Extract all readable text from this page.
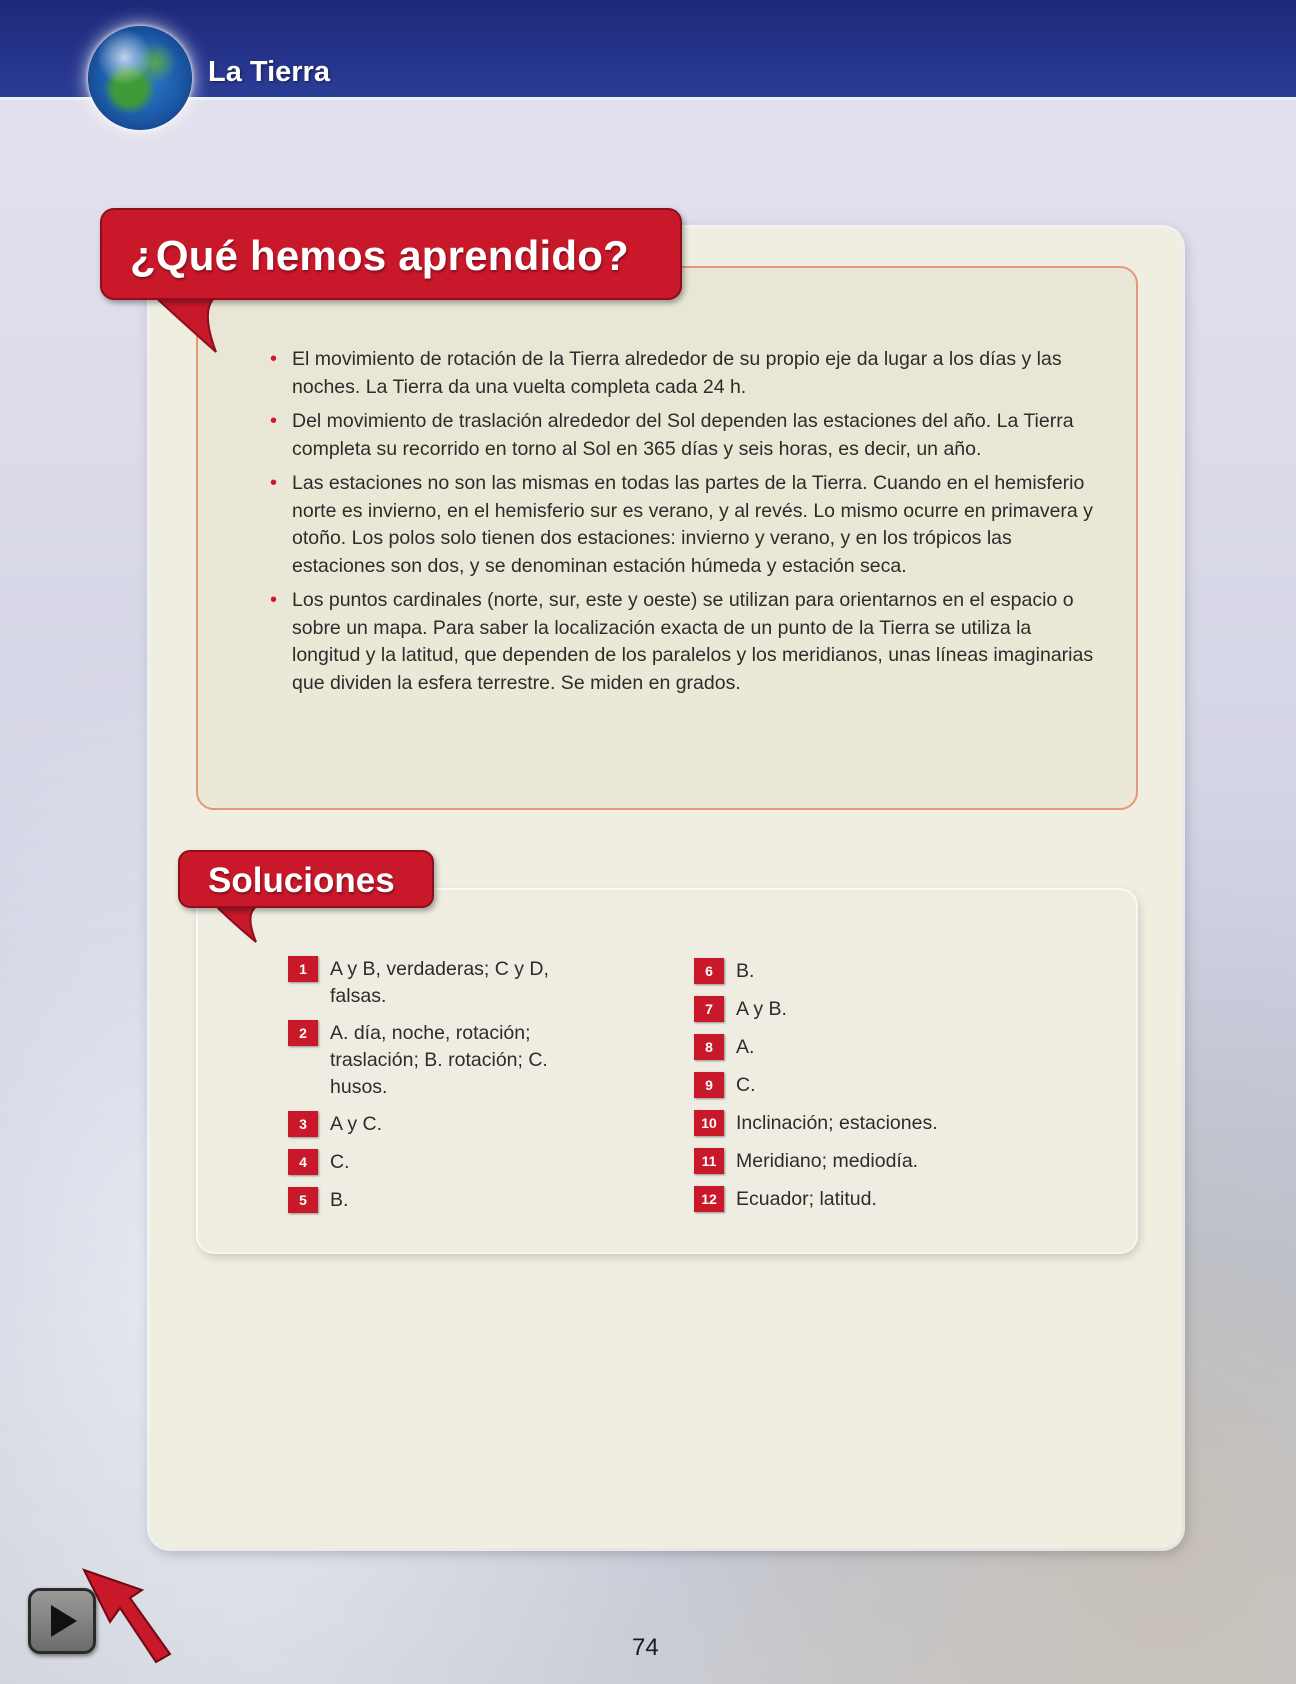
La Tierra
¿Qué hemos aprendido?
• El movimiento de rotación de la Tierra alrededor de su propio eje da lugar a los días y las noches. La Tierra da una vuelta completa cada 24 h.
• Del movimiento de traslación alrededor del Sol dependen las estaciones del año. La Tierra completa su recorrido en torno al Sol en 365 días y seis horas, es decir, un año.
• Las estaciones no son las mismas en todas las partes de la Tierra. Cuando en el hemisferio norte es invierno, en el hemisferio sur es verano, y al revés. Lo mismo ocurre en primavera y otoño. Los polos solo tienen dos estaciones: invierno y verano, y en los trópicos las estaciones son dos, y se denominan estación húmeda y estación seca.
• Los puntos cardinales (norte, sur, este y oeste) se utilizan para orientarnos en el espacio o sobre un mapa. Para saber la localización exacta de un punto de la Tierra se utiliza la longitud y la latitud, que dependen de los paralelos y los meridianos, unas líneas imaginarias que dividen la esfera terrestre. Se miden en grados.
Soluciones
1	A y B, verdaderas; C y D, falsas.
2	A. día, noche, rotación; traslación; B. rotación; C. husos.
3	A y C.
4	C.
5	B.
6	B.
7	A y B.
8	A.
9	C.
10 Inclinación; estaciones.
11	Meridiano; mediodía.
12 Ecuador; latitud.
74
